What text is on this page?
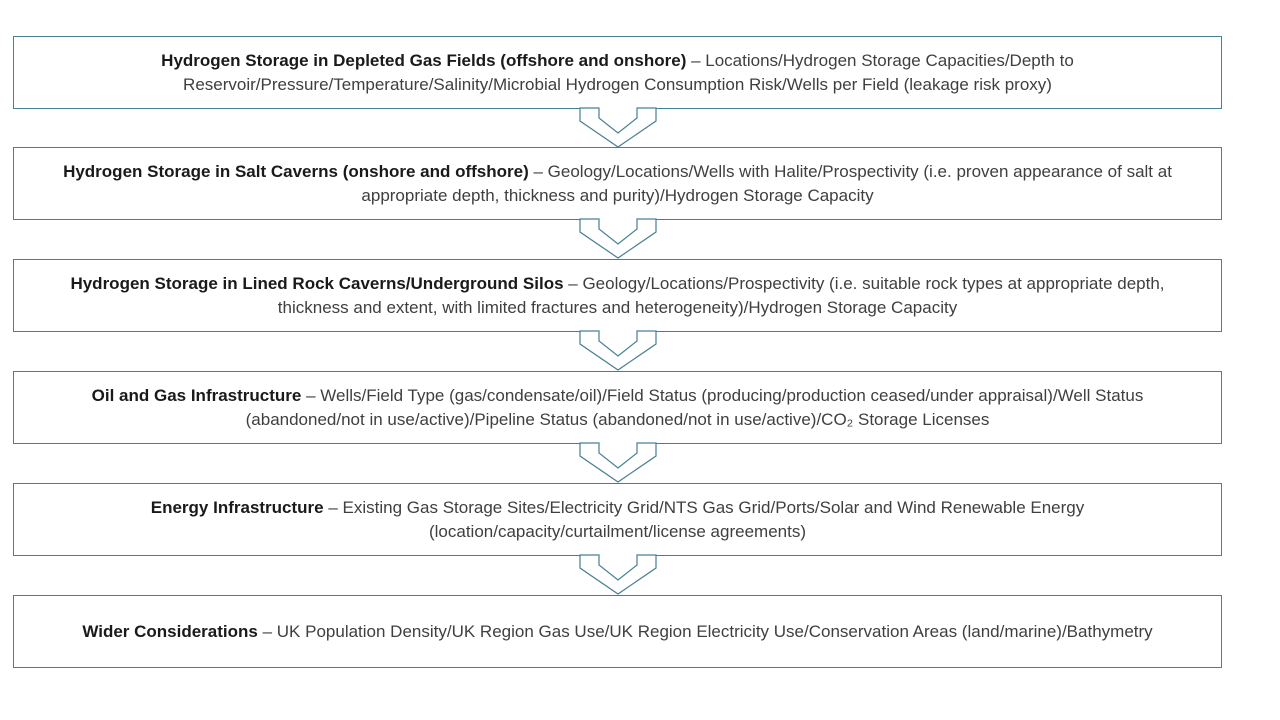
Hydrogen Storage in Depleted Gas Fields (offshore and onshore) – Locations/Hydrogen Storage Capacities/Depth to Reservoir/Pressure/Temperature/Salinity/Microbial Hydrogen Consumption Risk/Wells per Field (leakage risk proxy)

Hydrogen Storage in Salt Caverns (onshore and offshore) – Geology/Locations/Wells with Halite/Prospectivity (i.e. proven appearance of salt at appropriate depth, thickness and purity)/Hydrogen Storage Capacity

Hydrogen Storage in Lined Rock Caverns/Underground Silos – Geology/Locations/Prospectivity (i.e. suitable rock types at appropriate depth, thickness and extent, with limited fractures and heterogeneity)/Hydrogen Storage Capacity

Oil and Gas Infrastructure – Wells/Field Type (gas/condensate/oil)/Field Status (producing/production ceased/under appraisal)/Well Status (abandoned/not in use/active)/Pipeline Status (abandoned/not in use/active)/CO₂ Storage Licenses

Energy Infrastructure – Existing Gas Storage Sites/Electricity Grid/NTS Gas Grid/Ports/Solar and Wind Renewable Energy (location/capacity/curtailment/license agreements)

Wider Considerations – UK Population Density/UK Region Gas Use/UK Region Electricity Use/Conservation Areas (land/marine)/Bathymetry
